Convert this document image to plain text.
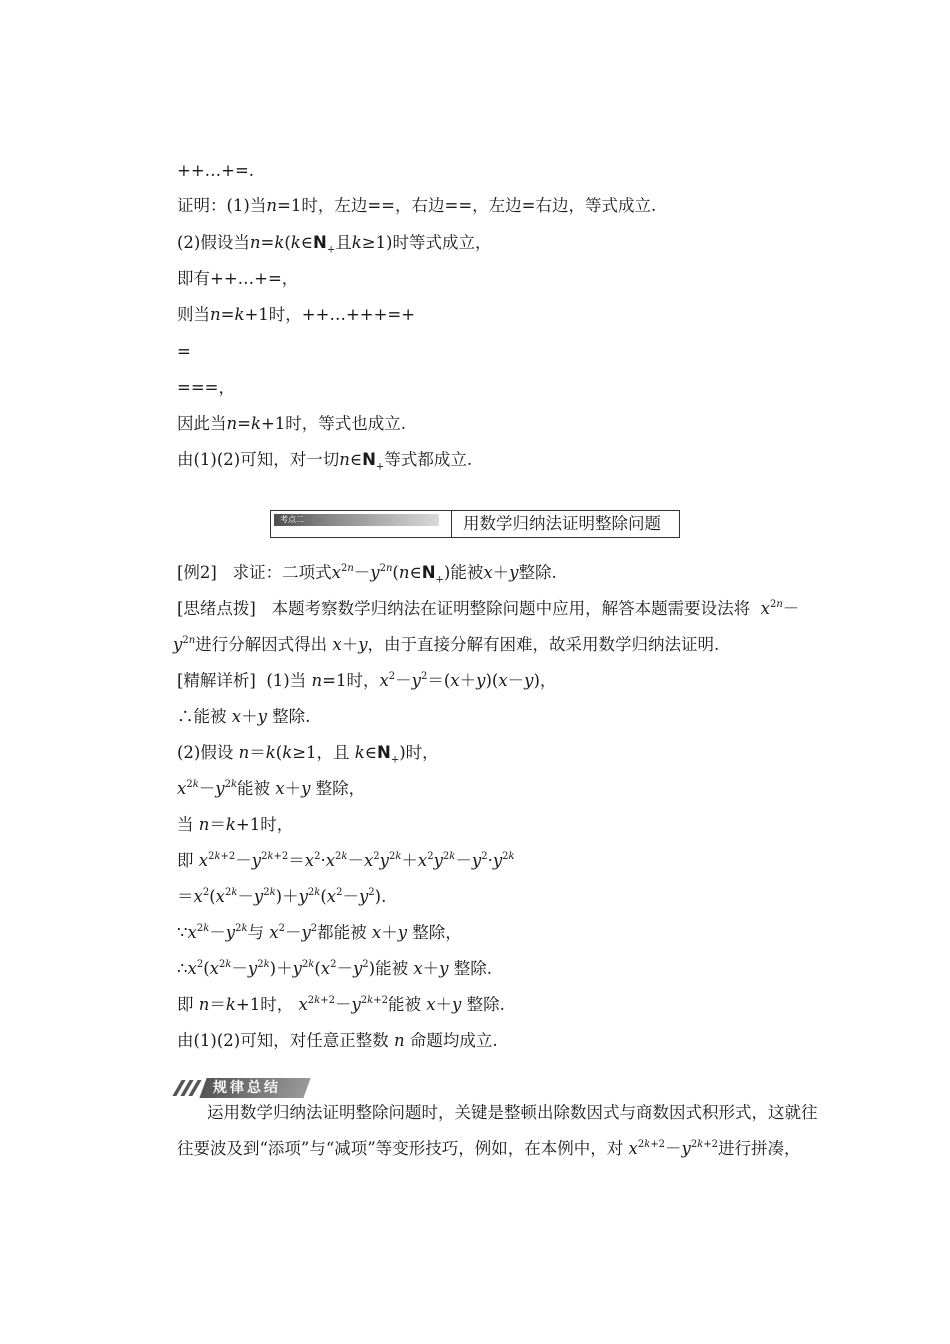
++…+=.
证明：(1)当n=1时，左边==，右边==，左边=右边，等式成立.
(2)假设当$n=k(k\in N_+$且k≥1)时等式成立，
即有++…+=，
则当n=k+1时，++…+++=+
=
===，
因此当n=k+1时，等式也成立.
由(1)(2)可知，对一切$n\in N_+$等式都成立.
考点二	用数学归纳法证明整除问题
[例2] 求证：二项式$x^{2n}-y^{2n}(n\in N_+)$能被x＋y整除.
[思绪点拨] 本题考察数学归纳法在证明整除问题中应用，解答本题需要设法将 $x^{2n}-$
$y^{2n}$进行分解因式得出 x＋y，由于直接分解有困难，故采用数学归纳法证明.
[精解详析] (1)当 n=1时，$x^2-y^2=(x+y)(x-y)$，
∴能被 x＋y 整除.
(2)假设 n＝k(k≥1，且 $k\in N_+$)时，
$x^{2k}-y^{2k}$能被 x＋y 整除，
当 n＝k+1时，
即 $x^{2k+2}-y^{2k+2}=x^2\cdot x^{2k}-x^2y^{2k}+x^2y^{2k}-y^2\cdot y^{2k}$
$=x^2(x^{2k}-y^{2k})+y^{2k}(x^2-y^2)$.
$\because x^{2k}-y^{2k}$与 $x^2-y^2$都能被 x＋y 整除，
$\therefore x^2(x^{2k}-y^{2k})+y^{2k}(x^2-y^2)$能被 x＋y 整除.
即 n＝k+1时， $x^{2k+2}-y^{2k+2}$能被 x＋y 整除.
由(1)(2)可知，对任意正整数 n 命题均成立.
规律总结
运用数学归纳法证明整除问题时，关键是整顿出除数因式与商数因式积形式，这就往
往要波及到“添项”与“减项”等变形技巧，例如，在本例中，对 $x^{2k+2}-y^{2k+2}$进行拼凑，
